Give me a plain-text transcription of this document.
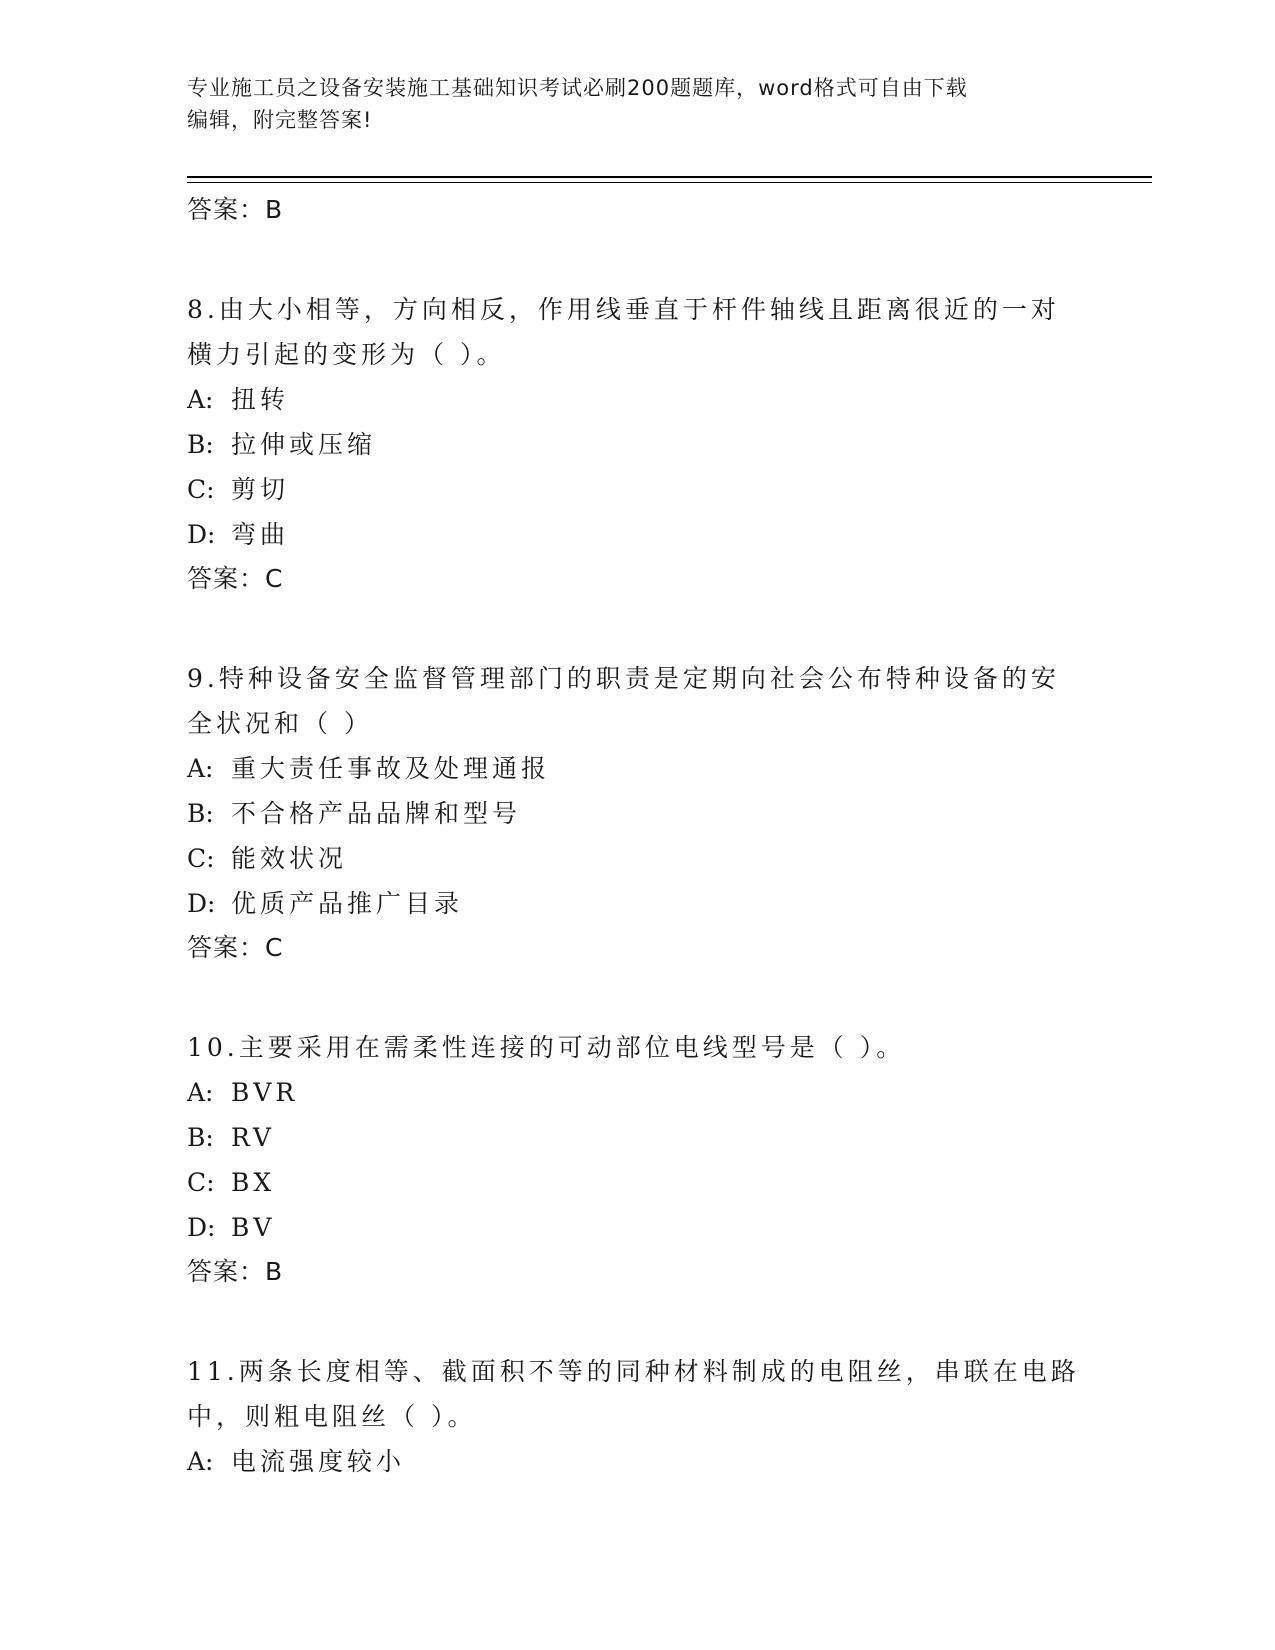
专业施工员之设备安装施工基础知识考试必刷200题题库，word格式可自由下载
编辑，附完整答案!
答案：B
8.由大小相等，方向相反，作用线垂直于杆件轴线且距离很近的一对
横力引起的变形为（ ）。
A: 扭转
B: 拉伸或压缩
C: 剪切
D: 弯曲
答案：C
9.特种设备安全监督管理部门的职责是定期向社会公布特种设备的安
全状况和（ ）
A: 重大责任事故及处理通报
B: 不合格产品品牌和型号
C: 能效状况
D: 优质产品推广目录
答案：C
10.主要采用在需柔性连接的可动部位电线型号是（ ）。
A: BVR
B: RV
C: BX
D: BV
答案：B
11.两条长度相等、截面积不等的同种材料制成的电阻丝，串联在电路
中，则粗电阻丝（ ）。
A: 电流强度较小
